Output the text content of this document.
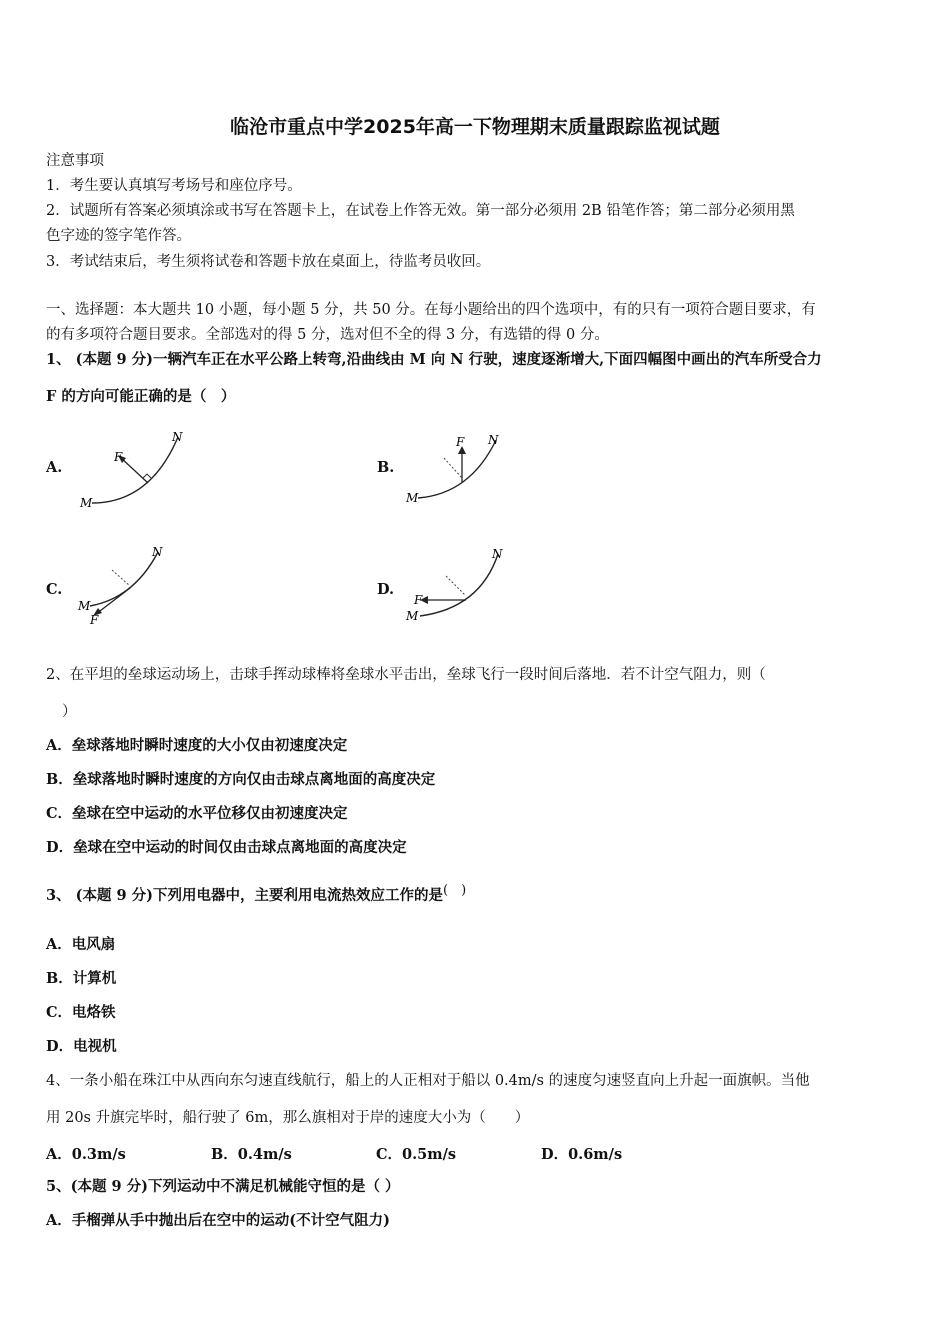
临沧市重点中学2025年高一下物理期末质量跟踪监视试题
注意事项
1．考生要认真填写考场号和座位序号。
2．试题所有答案必须填涂或书写在答题卡上，在试卷上作答无效。第一部分必须用 2B 铅笔作答；第二部分必须用黑
色字迹的签字笔作答。
3．考试结束后，考生须将试卷和答题卡放在桌面上，待监考员收回。
一、选择题：本大题共 10 小题，每小题 5 分，共 50 分。在每小题给出的四个选项中，有的只有一项符合题目要求，有
的有多项符合题目要求。全部选对的得 5 分，选对但不全的得 3 分，有选错的得 0 分。
1、 (本题 9 分)一辆汽车正在水平公路上转弯,沿曲线由 M 向 N 行驶，速度逐渐增大,下面四幅图中画出的汽车所受合力
F 的方向可能正确的是（　）
A.	B.
C.	D.
M
N
F
M
N
F
M
N
F	M
N
F
2、在平坦的垒球运动场上，击球手挥动球棒将垒球水平击出，垒球飞行一段时间后落地．若不计空气阻力，则（
）
A．垒球落地时瞬时速度的大小仅由初速度决定
B．垒球落地时瞬时速度的方向仅由击球点离地面的高度决定
C．垒球在空中运动的水平位移仅由初速度决定
D．垒球在空中运动的时间仅由击球点离地面的高度决定
3、 (本题 9 分)下列用电器中，主要利用电流热效应工作的是(　)
A．电风扇
B．计算机
C．电烙铁
D．电视机
4、一条小船在珠江中从西向东匀速直线航行，船上的人正相对于船以 0.4m/s 的速度匀速竖直向上升起一面旗帜。当他
用 20s 升旗完毕时，船行驶了 6m，那么旗相对于岸的速度大小为（　　）
A．0.3m/s	B．0.4m/s	C．0.5m/s	D．0.6m/s
5、(本题 9 分)下列运动中不满足机械能守恒的是（ ）
A．手榴弹从手中抛出后在空中的运动(不计空气阻力)
